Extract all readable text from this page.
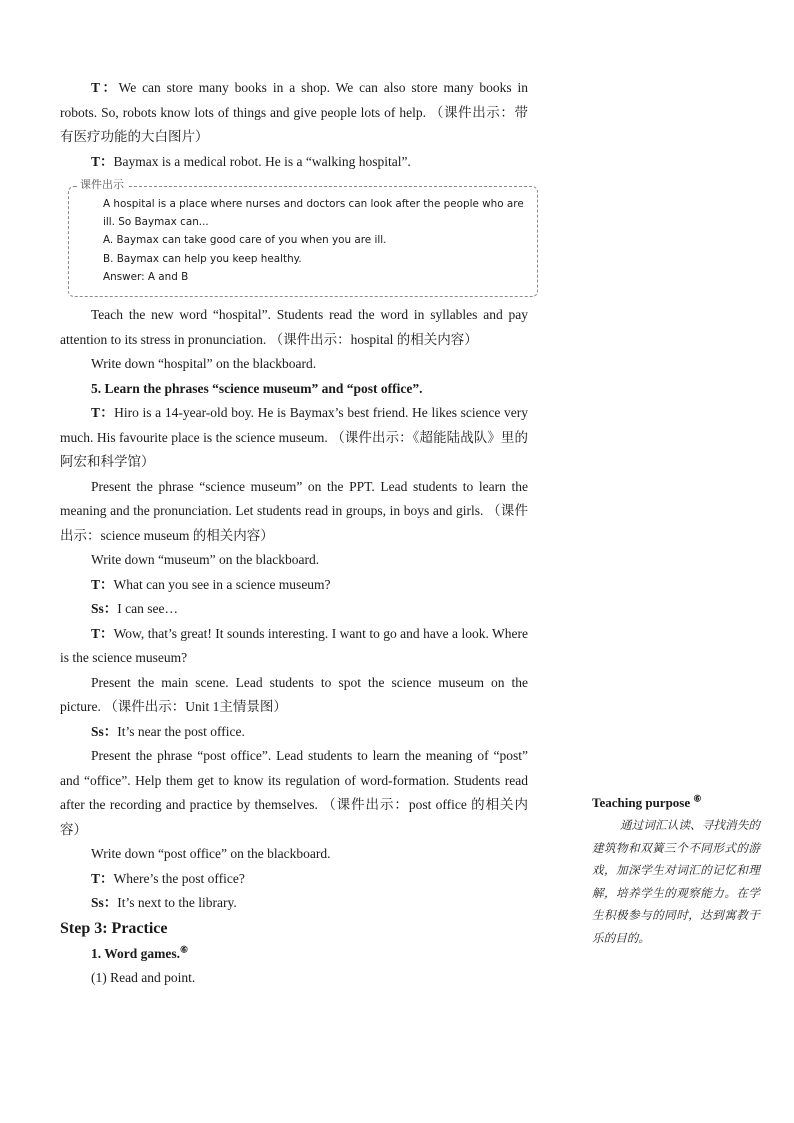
T：We can store many books in a shop. We can also store many books in robots. So, robots know lots of things and give people lots of help. （课件出示：带有医疗功能的大白图片）

T：Baymax is a medical robot. He is a “walking hospital”.

课件出示

A hospital is a place where nurses and doctors can look after the people who are ill. So Baymax can...

A. Baymax can take good care of you when you are ill.

B. Baymax can help you keep healthy.

Answer: A and B

Teach the new word “hospital”. Students read the word in syllables and pay attention to its stress in pronunciation. （课件出示：hospital 的相关内容）

Write down “hospital” on the blackboard.

5. Learn the phrases “science museum” and “post office”.

T：Hiro is a 14-year-old boy. He is Baymax’s best friend. He likes science very much. His favourite place is the science museum. （课件出示：《超能陆战队》里的阿宏和科学馆）

Present the phrase “science museum” on the PPT. Lead students to learn the meaning and the pronunciation. Let students read in groups, in boys and girls. （课件出示：science museum 的相关内容）

Write down “museum” on the blackboard.

T：What can you see in a science museum?

Ss：I can see…

T：Wow, that’s great! It sounds interesting. I want to go and have a look. Where is the science museum?

Present the main scene. Lead students to spot the science museum on the picture. （课件出示：Unit 1主情景图）

Ss：It’s near the post office.

Present the phrase “post office”. Lead students to learn the meaning of “post” and “office”. Help them get to know its regulation of word-formation. Students read after the recording and practice by themselves. （课件出示：post office 的相关内容）

Write down “post office” on the blackboard.

T：Where’s the post office?

Ss：It’s next to the library.

Step 3: Practice

1. Word games.⑥

(1) Read and point.

Teaching purpose ⑥

通过词汇认读、寻找消失的建筑物和双簧三个不同形式的游戏，加深学生对词汇的记忆和理解，培养学生的观察能力。在学生积极参与的同时，达到寓教于乐的目的。
